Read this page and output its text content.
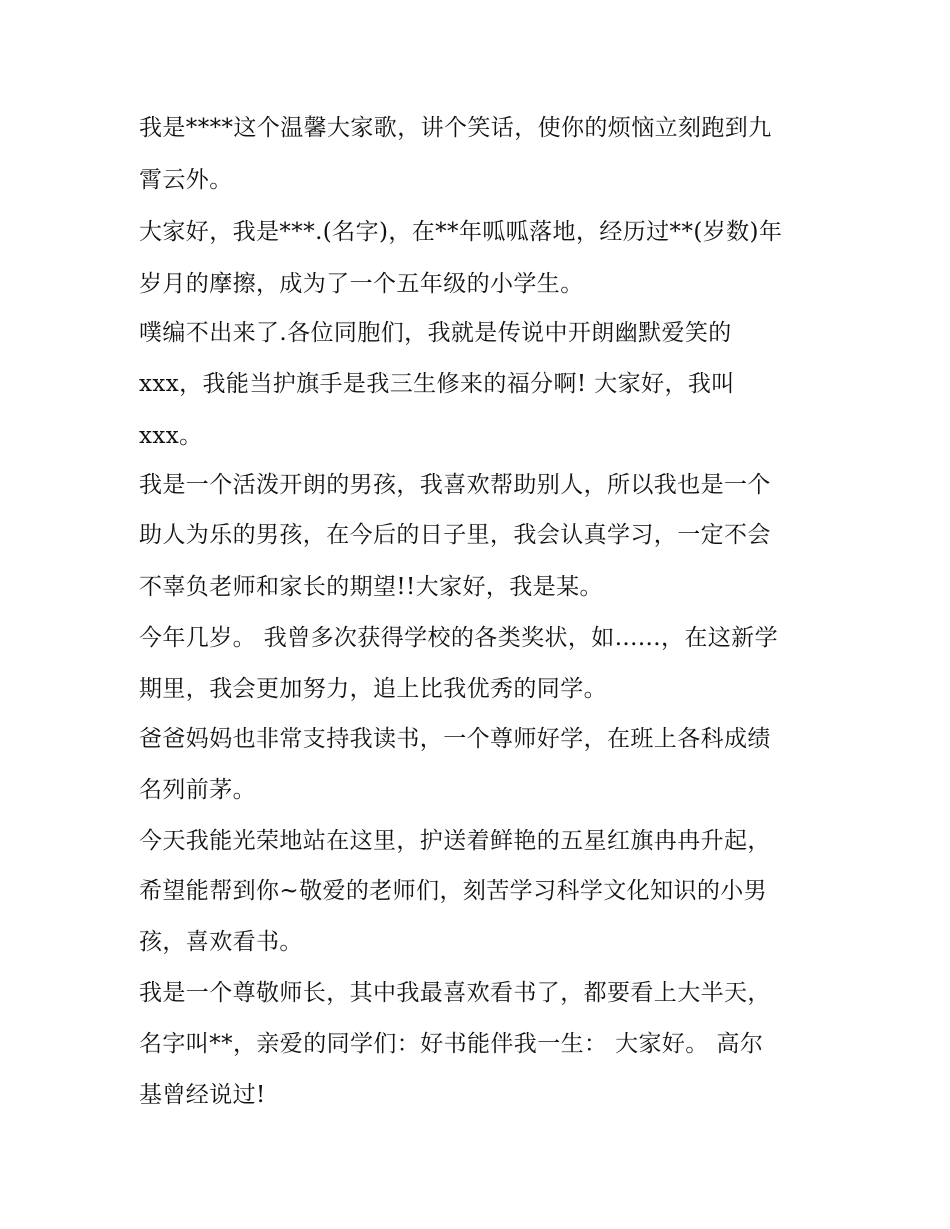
我是****这个温馨大家歌，讲个笑话，使你的烦恼立刻跑到九

霄云外。

大家好，我是***.(名字)，在**年呱呱落地，经历过**(岁数)年

岁月的摩擦，成为了一个五年级的小学生。

噗编不出来了.各位同胞们，我就是传说中开朗幽默爱笑的

xxx，我能当护旗手是我三生修来的福分啊! 大家好，我叫

xxx。

我是一个活泼开朗的男孩，我喜欢帮助别人，所以我也是一个

助人为乐的男孩，在今后的日子里，我会认真学习，一定不会

不辜负老师和家长的期望!!大家好，我是某。

今年几岁。 我曾多次获得学校的各类奖状，如......，在这新学

期里，我会更加努力，追上比我优秀的同学。

爸爸妈妈也非常支持我读书，一个尊师好学，在班上各科成绩

名列前茅。

今天我能光荣地站在这里，护送着鲜艳的五星红旗冉冉升起，

希望能帮到你~敬爱的老师们，刻苦学习科学文化知识的小男

孩，喜欢看书。

我是一个尊敬师长，其中我最喜欢看书了，都要看上大半天，

名字叫**，亲爱的同学们：好书能伴我一生： 大家好。 高尔

基曾经说过!
